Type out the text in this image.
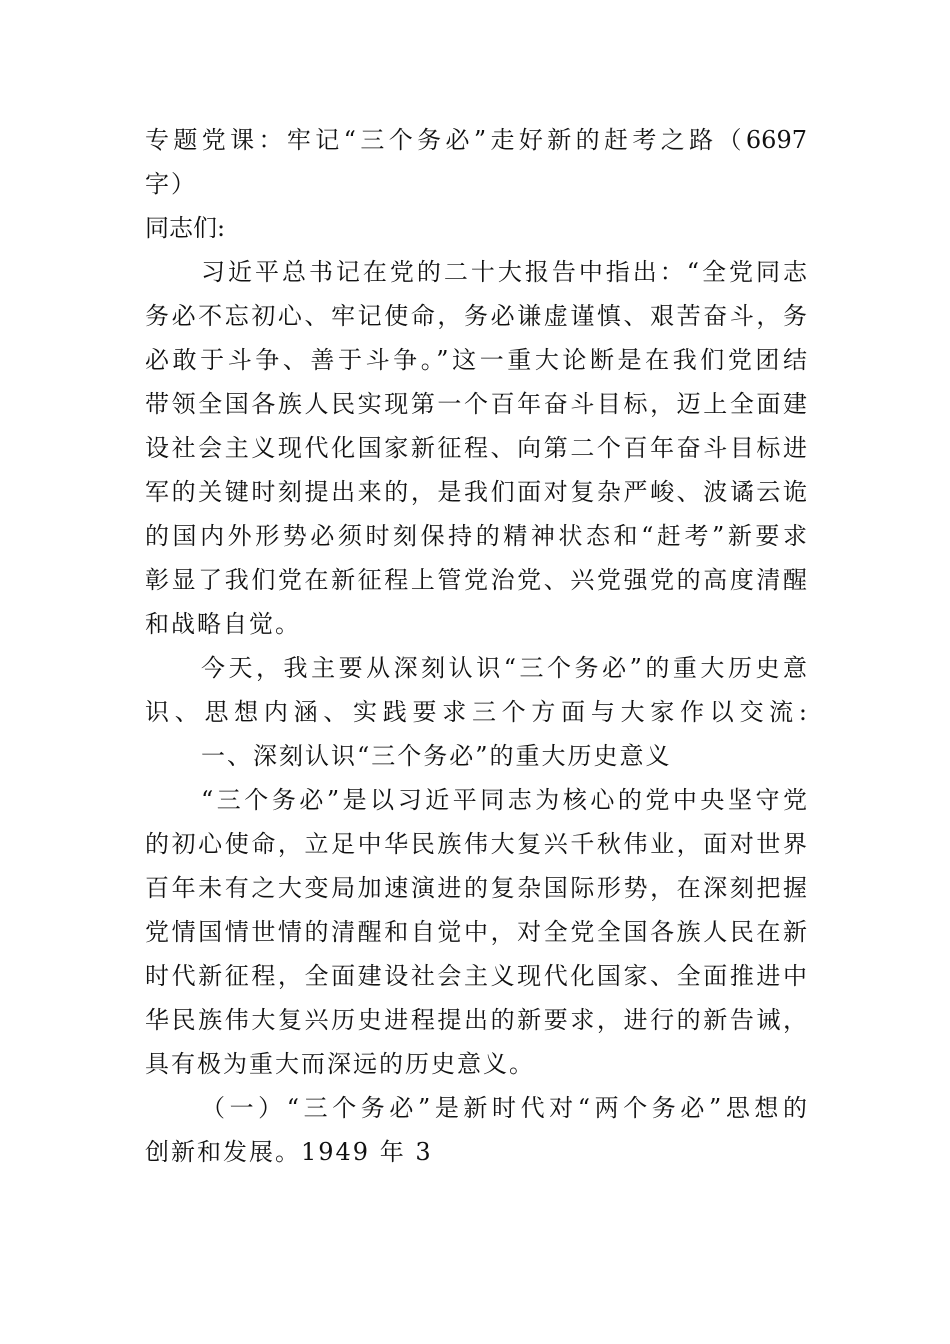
专题党课：牢记“三个务必”走好新的赶考之路（6697
字）
同志们:
习近平总书记在党的二十大报告中指出：“全党同志
务必不忘初心、牢记使命，务必谦虚谨慎、艰苦奋斗，务
必敢于斗争、善于斗争。”这一重大论断是在我们党团结
带领全国各族人民实现第一个百年奋斗目标，迈上全面建
设社会主义现代化国家新征程、向第二个百年奋斗目标进
军的关键时刻提出来的，是我们面对复杂严峻、波谲云诡
的国内外形势必须时刻保持的精神状态和“赶考”新要求
彰显了我们党在新征程上管党治党、兴党强党的高度清醒
和战略自觉。
今天，我主要从深刻认识“三个务必”的重大历史意
识、思想内涵、实践要求三个方面与大家作以交流:
一、深刻认识“三个务必”的重大历史意义
“三个务必”是以习近平同志为核心的党中央坚守党
的初心使命，立足中华民族伟大复兴千秋伟业，面对世界
百年未有之大变局加速演进的复杂国际形势，在深刻把握
党情国情世情的清醒和自觉中，对全党全国各族人民在新
时代新征程，全面建设社会主义现代化国家、全面推进中
华民族伟大复兴历史进程提出的新要求，进行的新告诫，
具有极为重大而深远的历史意义。
（一）“三个务必”是新时代对“两个务必”思想的
创新和发展。1949 年 3
